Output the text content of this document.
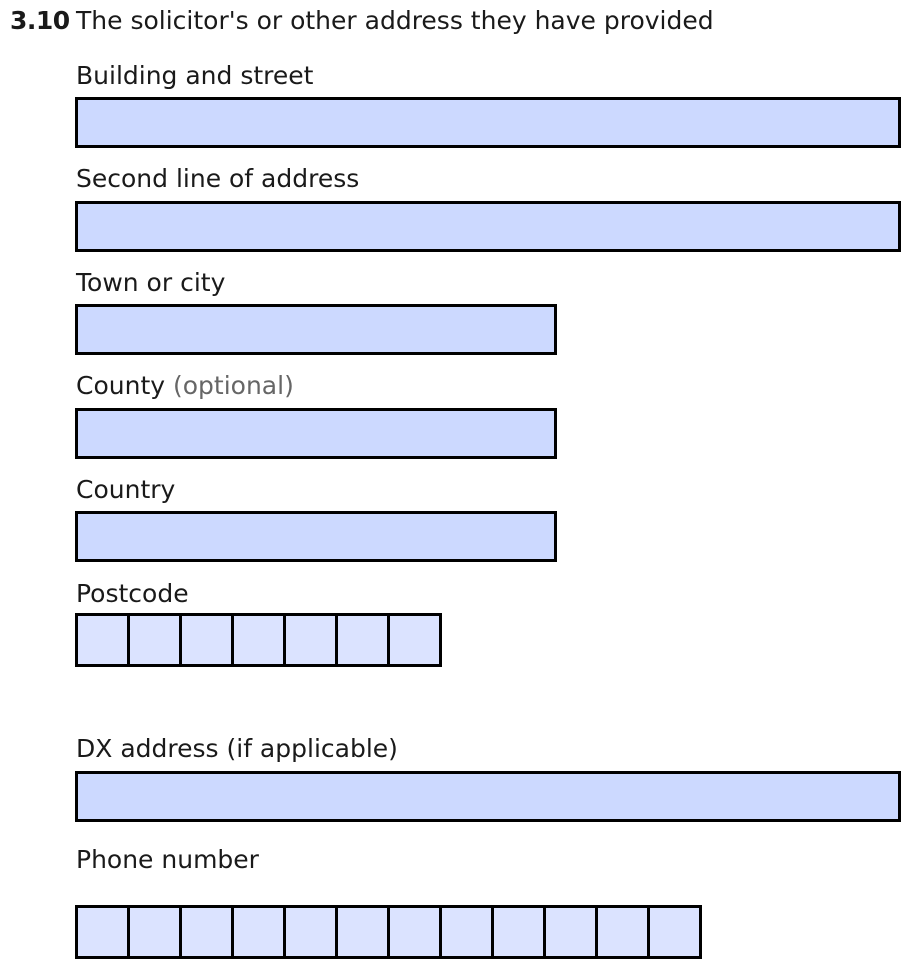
3.10 The solicitor's or other address they have provided
Building and street
Second line of address
Town or city
County (optional)
Country
Postcode
DX address (if applicable)
Phone number
